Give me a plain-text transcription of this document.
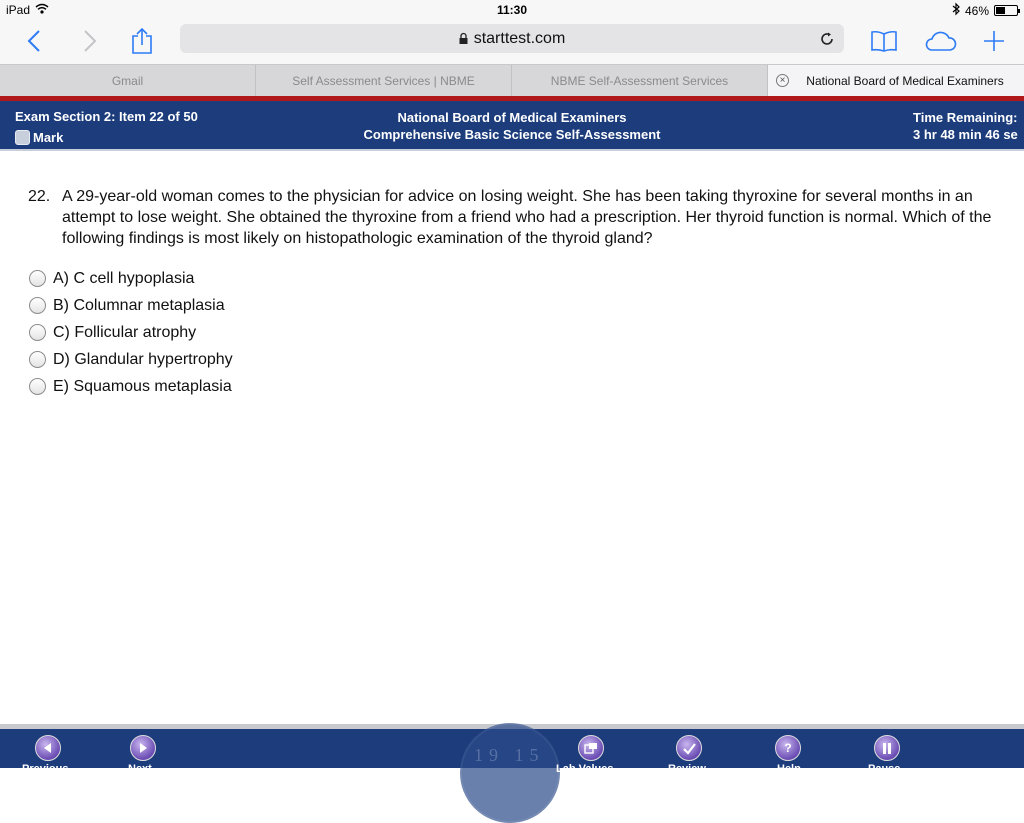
iPad	11:30	46%
starttest.com
Gmail	Self Assessment Services | NBME	NBME Self-Assessment Services	× National Board of Medical Examiners
Exam Section 2: Item 22 of 50
Mark
National Board of Medical Examiners
Comprehensive Basic Science Self-Assessment
Time Remaining:
3 hr 48 min 46 se
22. A 29-year-old woman comes to the physician for advice on losing weight. She has been taking thyroxine for several months in an attempt to lose weight. She obtained the thyroxine from a friend who had a prescription. Her thyroid function is normal. Which of the following findings is most likely on histopathologic examination of the thyroid gland?
A) C cell hypoplasia
B) Columnar metaplasia
C) Follicular atrophy
D) Glandular hypertrophy
E) Squamous metaplasia
19 15
Previous	Next	Lab Values	Review
?
Help	Pause
